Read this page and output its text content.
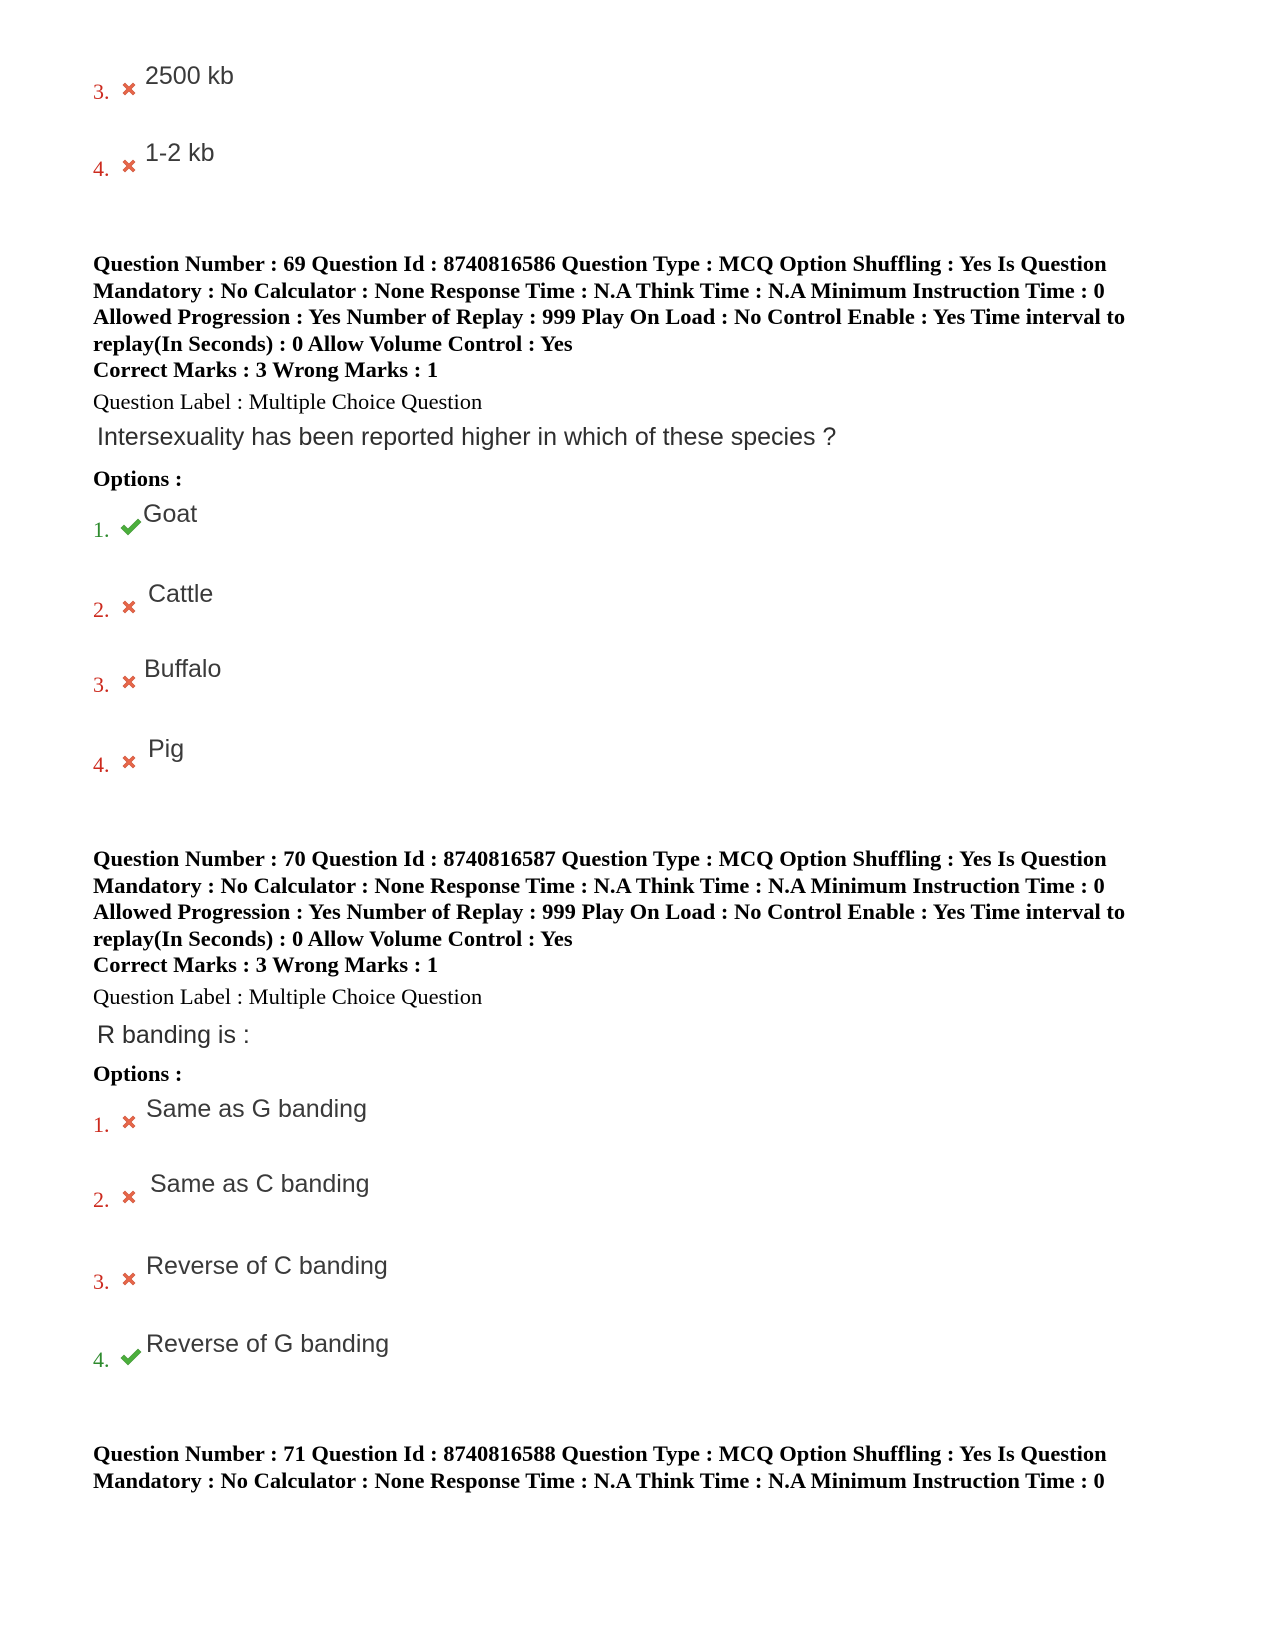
3.
2500 kb
4.
1-2 kb
Question Number : 69 Question Id : 8740816586 Question Type : MCQ Option Shuffling : Yes Is Question
Mandatory : No Calculator : None Response Time : N.A Think Time : N.A Minimum Instruction Time : 0
Allowed Progression : Yes Number of Replay : 999 Play On Load : No Control Enable : Yes Time interval to
replay(In Seconds) : 0 Allow Volume Control : Yes
Correct Marks : 3 Wrong Marks : 1
Question Label : Multiple Choice Question
Intersexuality has been reported higher in which of these species ?
Options :
1.
Goat
2.
Cattle
3.
Buffalo
4.
Pig
Question Number : 70 Question Id : 8740816587 Question Type : MCQ Option Shuffling : Yes Is Question
Mandatory : No Calculator : None Response Time : N.A Think Time : N.A Minimum Instruction Time : 0
Allowed Progression : Yes Number of Replay : 999 Play On Load : No Control Enable : Yes Time interval to
replay(In Seconds) : 0 Allow Volume Control : Yes
Correct Marks : 3 Wrong Marks : 1
Question Label : Multiple Choice Question
R banding is :
Options :
1.
Same as G banding
2.
Same as C banding
3.
Reverse of C banding
4.
Reverse of G banding
Question Number : 71 Question Id : 8740816588 Question Type : MCQ Option Shuffling : Yes Is Question
Mandatory : No Calculator : None Response Time : N.A Think Time : N.A Minimum Instruction Time : 0
